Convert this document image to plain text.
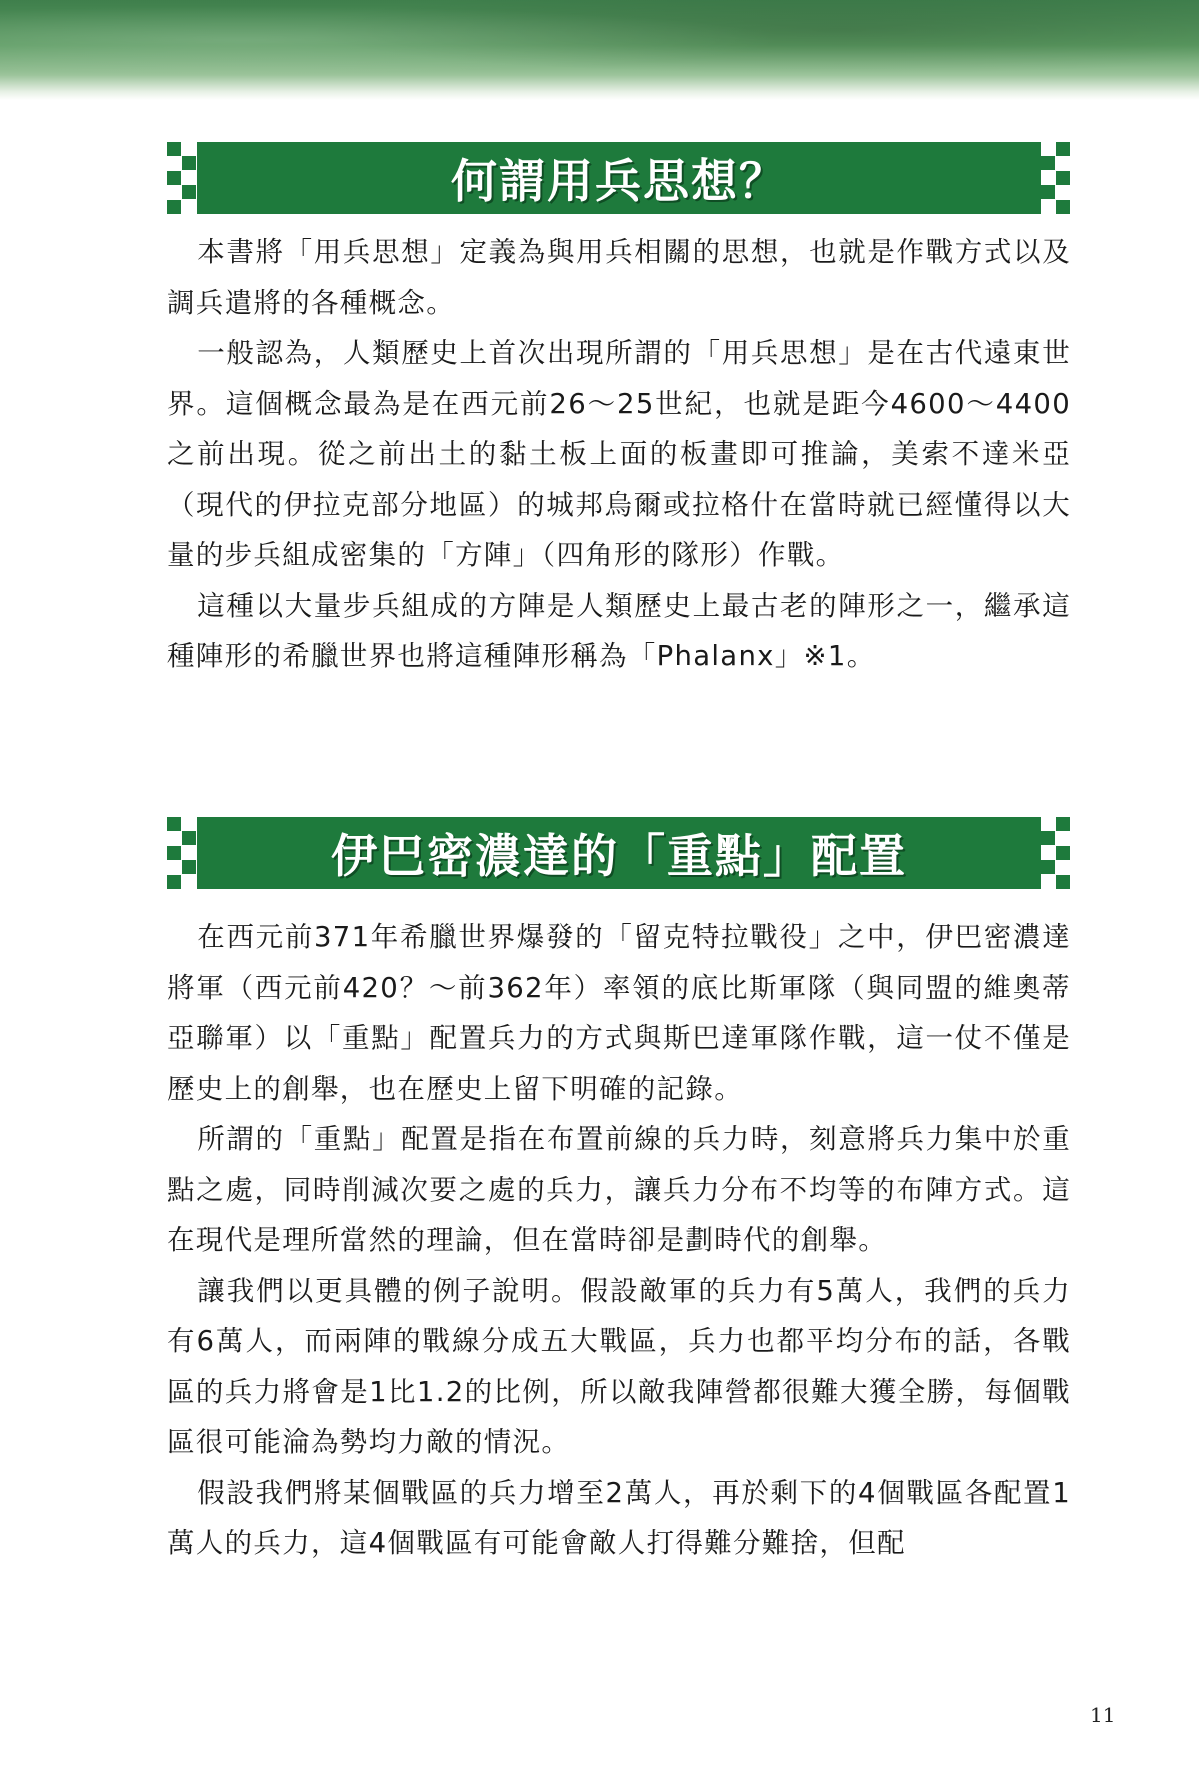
何謂用兵思想？

本書將「用兵思想」定義為與用兵相關的思想，也就是作戰方式以及調兵遣將的各種概念。

一般認為，人類歷史上首次出現所謂的「用兵思想」是在古代遠東世界。這個概念最為是在西元前26～25世紀，也就是距今4600～4400之前出現。從之前出土的黏土板上面的板畫即可推論，美索不達米亞（現代的伊拉克部分地區）的城邦烏爾或拉格什在當時就已經懂得以大量的步兵組成密集的「方陣」（四角形的隊形）作戰。

這種以大量步兵組成的方陣是人類歷史上最古老的陣形之一，繼承這種陣形的希臘世界也將這種陣形稱為「Phalanx」※1。

伊巴密濃達的「重點」配置

在西元前371年希臘世界爆發的「留克特拉戰役」之中，伊巴密濃達將軍（西元前420？～前362年）率領的底比斯軍隊（與同盟的維奧蒂亞聯軍）以「重點」配置兵力的方式與斯巴達軍隊作戰，這一仗不僅是歷史上的創舉，也在歷史上留下明確的記錄。

所謂的「重點」配置是指在布置前線的兵力時，刻意將兵力集中於重點之處，同時削減次要之處的兵力，讓兵力分布不均等的布陣方式。這在現代是理所當然的理論，但在當時卻是劃時代的創舉。

讓我們以更具體的例子說明。假設敵軍的兵力有5萬人，我們的兵力有6萬人，而兩陣的戰線分成五大戰區，兵力也都平均分布的話，各戰區的兵力將會是1比1.2的比例，所以敵我陣營都很難大獲全勝，每個戰區很可能淪為勢均力敵的情況。

假設我們將某個戰區的兵力增至2萬人，再於剩下的4個戰區各配置1萬人的兵力，這4個戰區有可能會敵人打得難分難捨，但配

11
